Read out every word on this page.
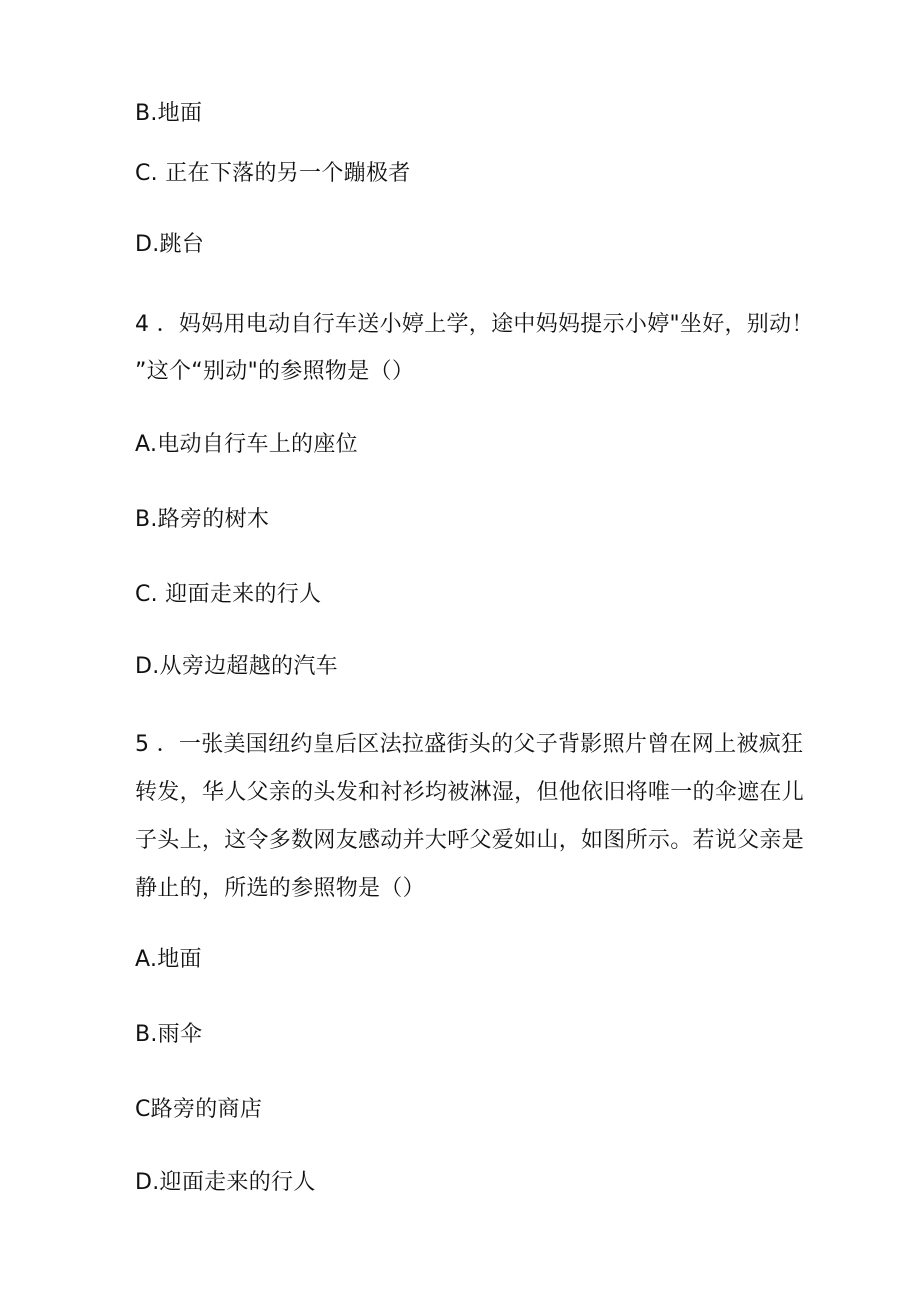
B.地面
C. 正在下落的另一个蹦极者
D.跳台
4 ．妈妈用电动自行车送小婷上学，途中妈妈提示小婷"坐好，别动！
”这个“别动"的参照物是（）
A.电动自行车上的座位
B.路旁的树木
C. 迎面走来的行人
D.从旁边超越的汽车
5 ．一张美国纽约皇后区法拉盛街头的父子背影照片曾在网上被疯狂
转发，华人父亲的头发和衬衫均被淋湿，但他依旧将唯一的伞遮在儿
子头上，这令多数网友感动并大呼父爱如山，如图所示。若说父亲是
静止的，所选的参照物是（）
A.地面
B.雨伞
C路旁的商店
D.迎面走来的行人
